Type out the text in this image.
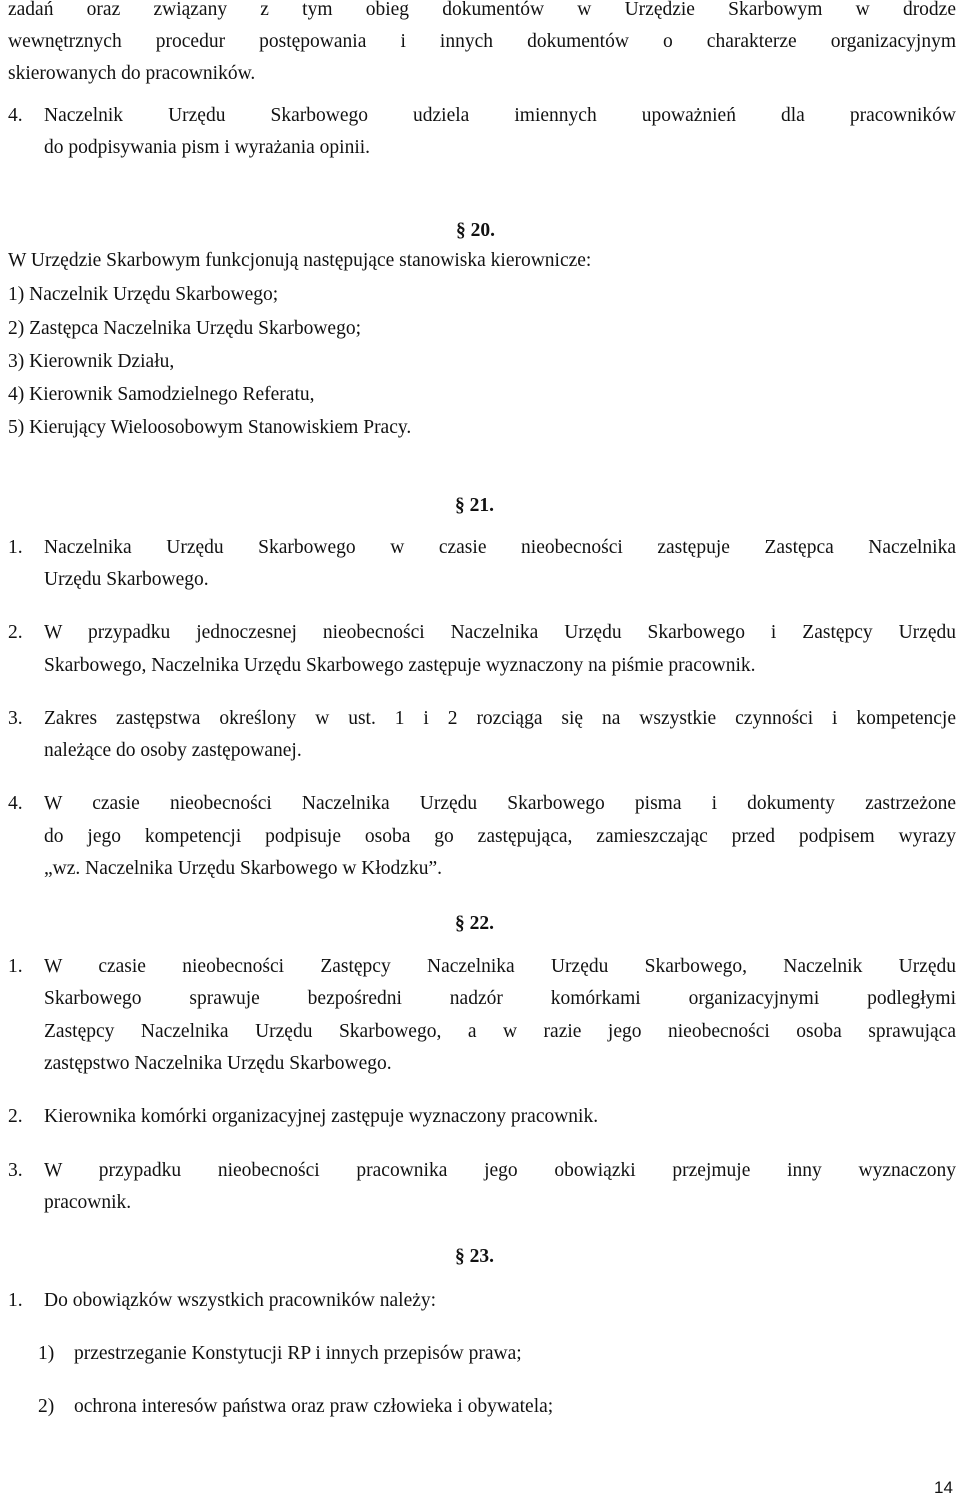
zadań oraz związany z tym obieg dokumentów w Urzędzie Skarbowym w drodze
wewnętrznych procedur postępowania i innych dokumentów o charakterze organizacyjnym
skierowanych do pracowników.
4. Naczelnik Urzędu Skarbowego udziela imiennych upoważnień dla pracowników
do podpisywania pism i wyrażania opinii.
§ 20.
W Urzędzie Skarbowym funkcjonują następujące stanowiska kierownicze:
1) Naczelnik Urzędu Skarbowego;
2) Zastępca Naczelnika Urzędu Skarbowego;
3) Kierownik Działu,
4) Kierownik Samodzielnego Referatu,
5) Kierujący Wieloosobowym Stanowiskiem Pracy.
§ 21.
1. Naczelnika Urzędu Skarbowego w czasie nieobecności zastępuje Zastępca Naczelnika
Urzędu Skarbowego.
2. W przypadku jednoczesnej nieobecności Naczelnika Urzędu Skarbowego i Zastępcy Urzędu
Skarbowego, Naczelnika Urzędu Skarbowego zastępuje wyznaczony na piśmie pracownik.
3. Zakres zastępstwa określony w ust. 1 i 2 rozciąga się na wszystkie czynności i kompetencje
należące do osoby zastępowanej.
4. W czasie nieobecności Naczelnika Urzędu Skarbowego pisma i dokumenty zastrzeżone
do jego kompetencji podpisuje osoba go zastępująca, zamieszczając przed podpisem wyrazy
„wz. Naczelnika Urzędu Skarbowego w Kłodzku”.
§ 22.
1. W czasie nieobecności Zastępcy Naczelnika Urzędu Skarbowego, Naczelnik Urzędu
Skarbowego sprawuje bezpośredni nadzór komórkami organizacyjnymi podległymi
Zastępcy Naczelnika Urzędu Skarbowego, a w razie jego nieobecności osoba sprawująca
zastępstwo Naczelnika Urzędu Skarbowego.
2. Kierownika komórki organizacyjnej zastępuje wyznaczony pracownik.
3. W przypadku nieobecności pracownika jego obowiązki przejmuje inny wyznaczony
pracownik.
§ 23.
1. Do obowiązków wszystkich pracowników należy:
1) przestrzeganie Konstytucji RP i innych przepisów prawa;
2) ochrona interesów państwa oraz praw człowieka i obywatela;
14
